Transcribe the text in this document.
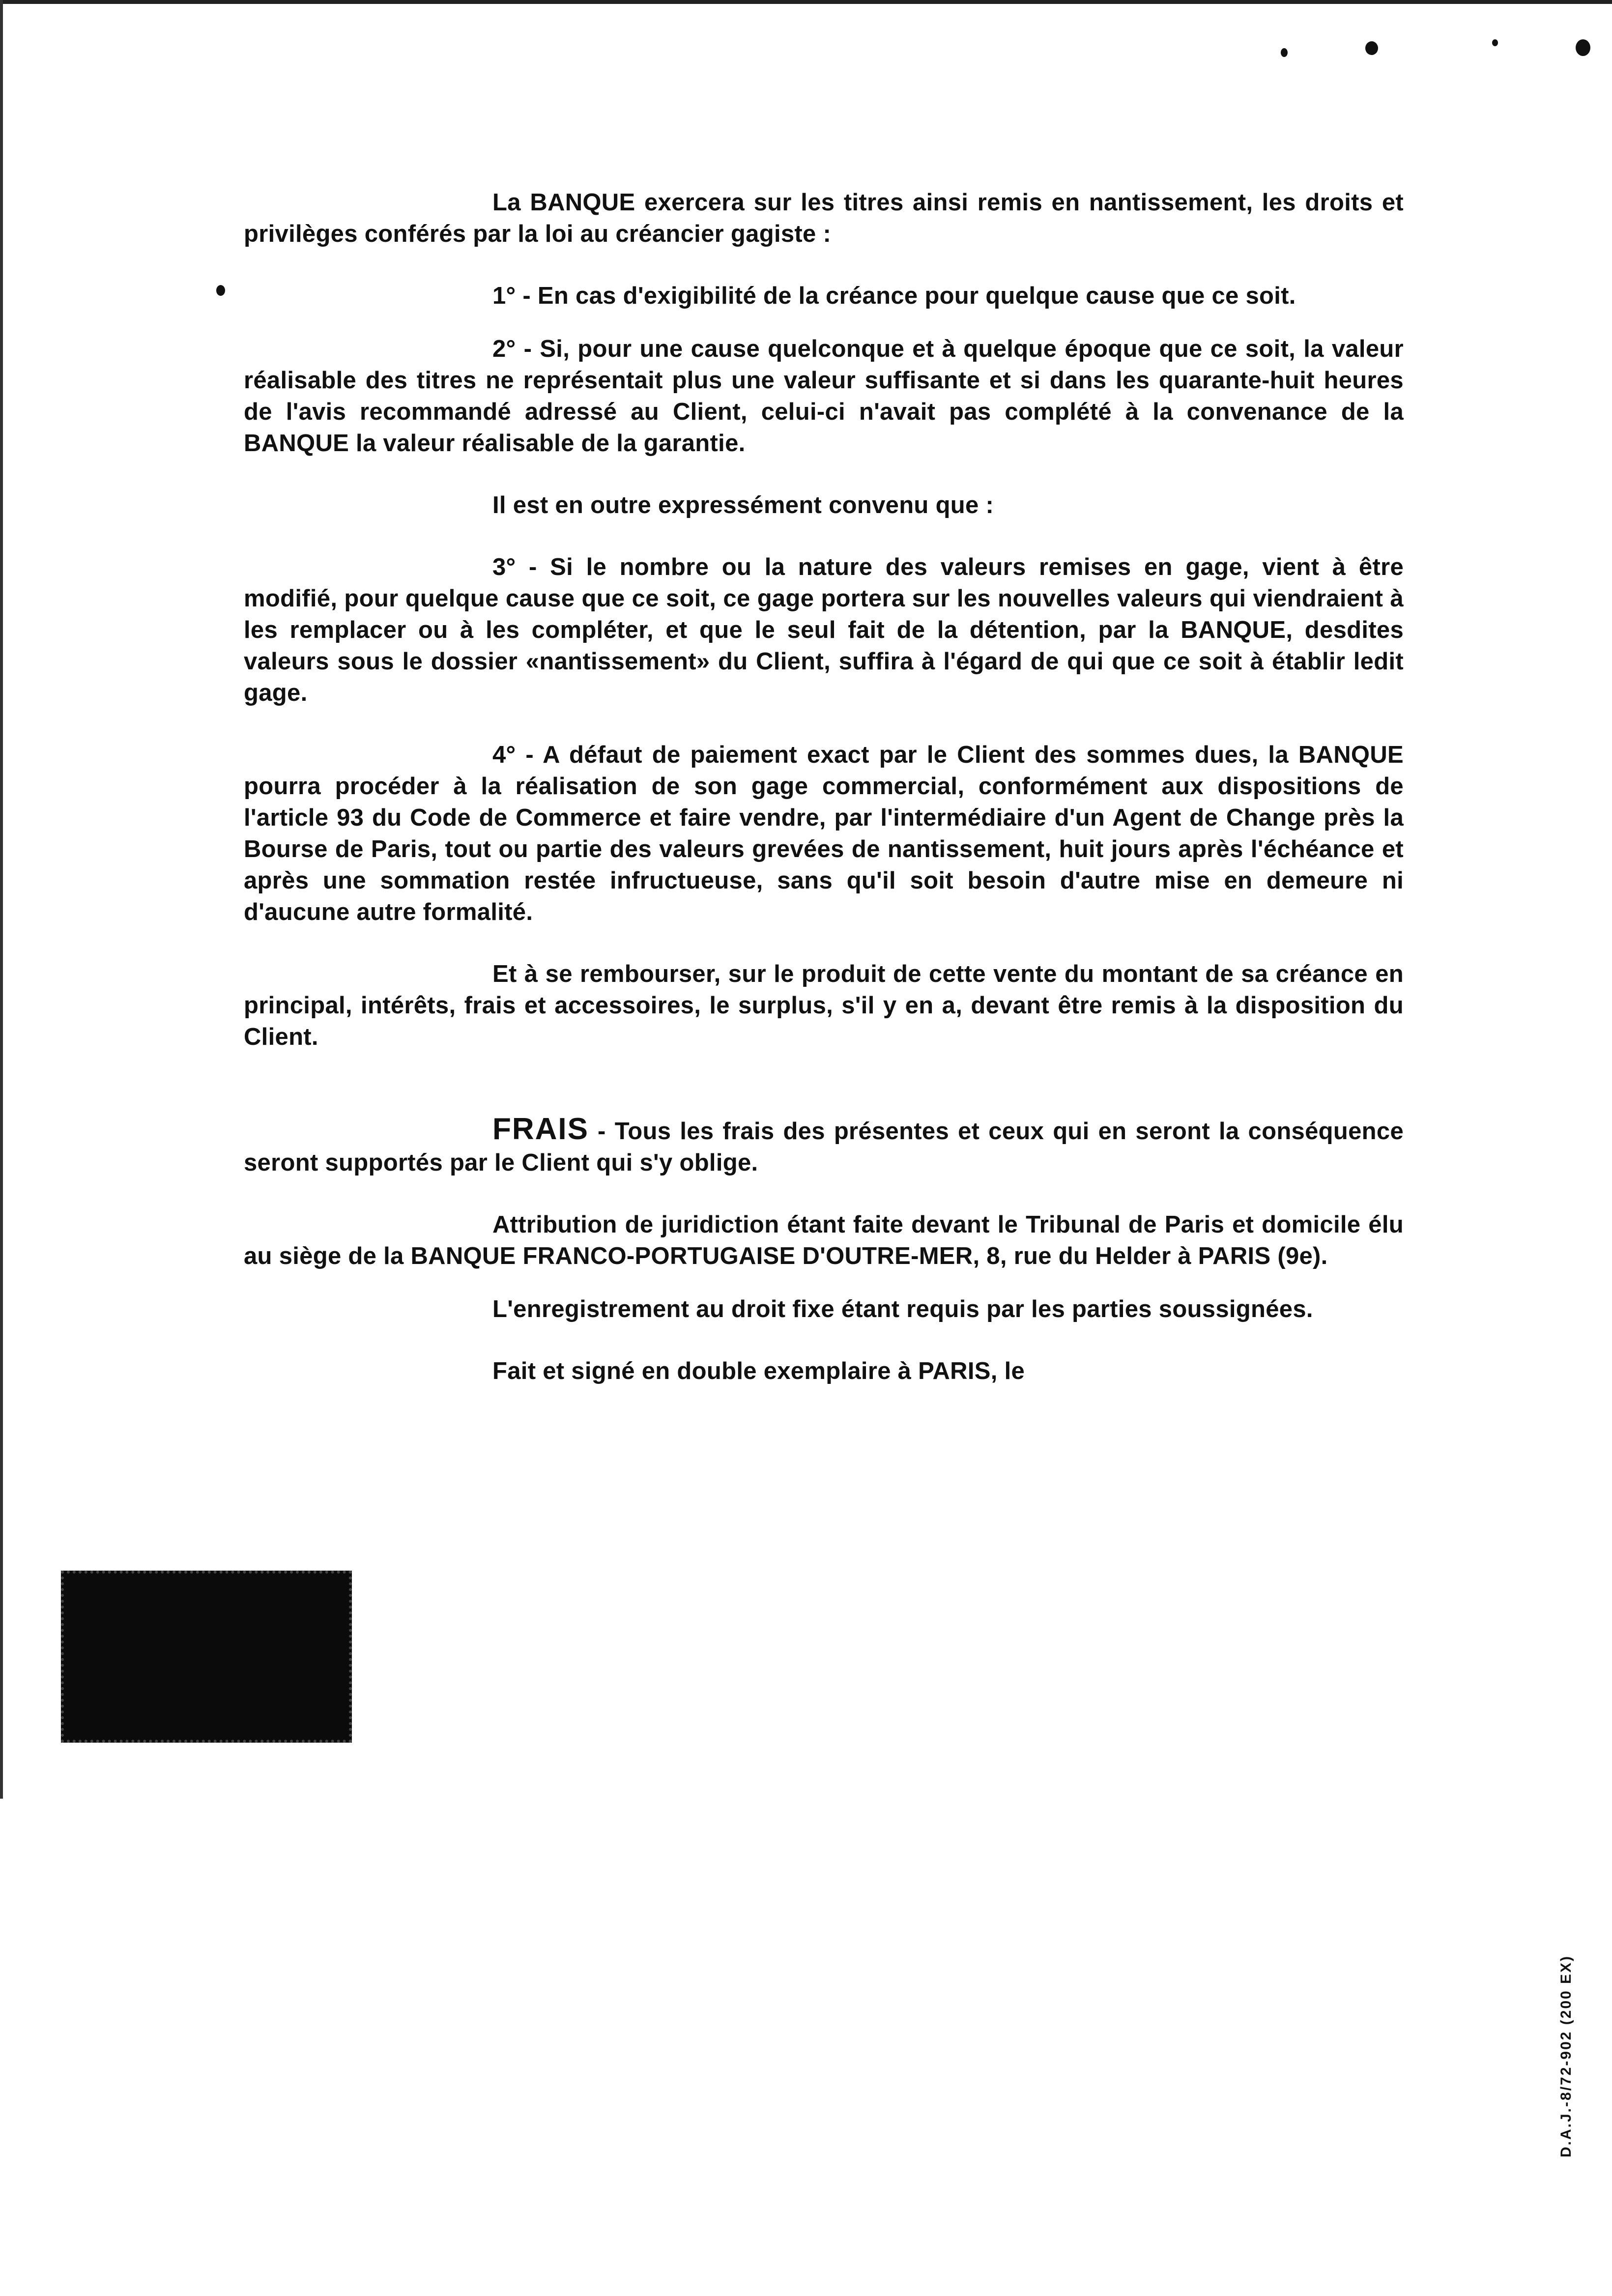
La BANQUE exercera sur les titres ainsi remis en nantissement, les droits et privilèges conférés par la loi au créancier gagiste :

1° - En cas d'exigibilité de la créance pour quelque cause que ce soit.

2° - Si, pour une cause quelconque et à quelque époque que ce soit, la valeur réalisable des titres ne représentait plus une valeur suffisante et si dans les quarante-huit heures de l'avis recommandé adressé au Client, celui-ci n'avait pas complété à la convenance de la BANQUE la valeur réalisable de la garantie.

Il est en outre expressément convenu que :

3° - Si le nombre ou la nature des valeurs remises en gage, vient à être modifié, pour quelque cause que ce soit, ce gage portera sur les nouvelles valeurs qui viendraient à les remplacer ou à les compléter, et que le seul fait de la détention, par la BANQUE, desdites valeurs sous le dossier «nantissement» du Client, suffira à l'égard de qui que ce soit à établir ledit gage.

4° - A défaut de paiement exact par le Client des sommes dues, la BANQUE pourra procéder à la réalisation de son gage commercial, conformément aux dispositions de l'article 93 du Code de Commerce et faire vendre, par l'intermédiaire d'un Agent de Change près la Bourse de Paris, tout ou partie des valeurs grevées de nantissement, huit jours après l'échéance et après une sommation restée infructueuse, sans qu'il soit besoin d'autre mise en demeure ni d'aucune autre formalité.

Et à se rembourser, sur le produit de cette vente du montant de sa créance en principal, intérêts, frais et accessoires, le surplus, s'il y en a, devant être remis à la disposition du Client.

FRAIS - Tous les frais des présentes et ceux qui en seront la conséquence seront supportés par le Client qui s'y oblige.

Attribution de juridiction étant faite devant le Tribunal de Paris et domicile élu au siège de la BANQUE FRANCO-PORTUGAISE D'OUTRE-MER, 8, rue du Helder à PARIS (9e).

L'enregistrement au droit fixe étant requis par les parties soussignées.

Fait et signé en double exemplaire à PARIS, le

D.A.J.-8/72-902 (200 EX)
